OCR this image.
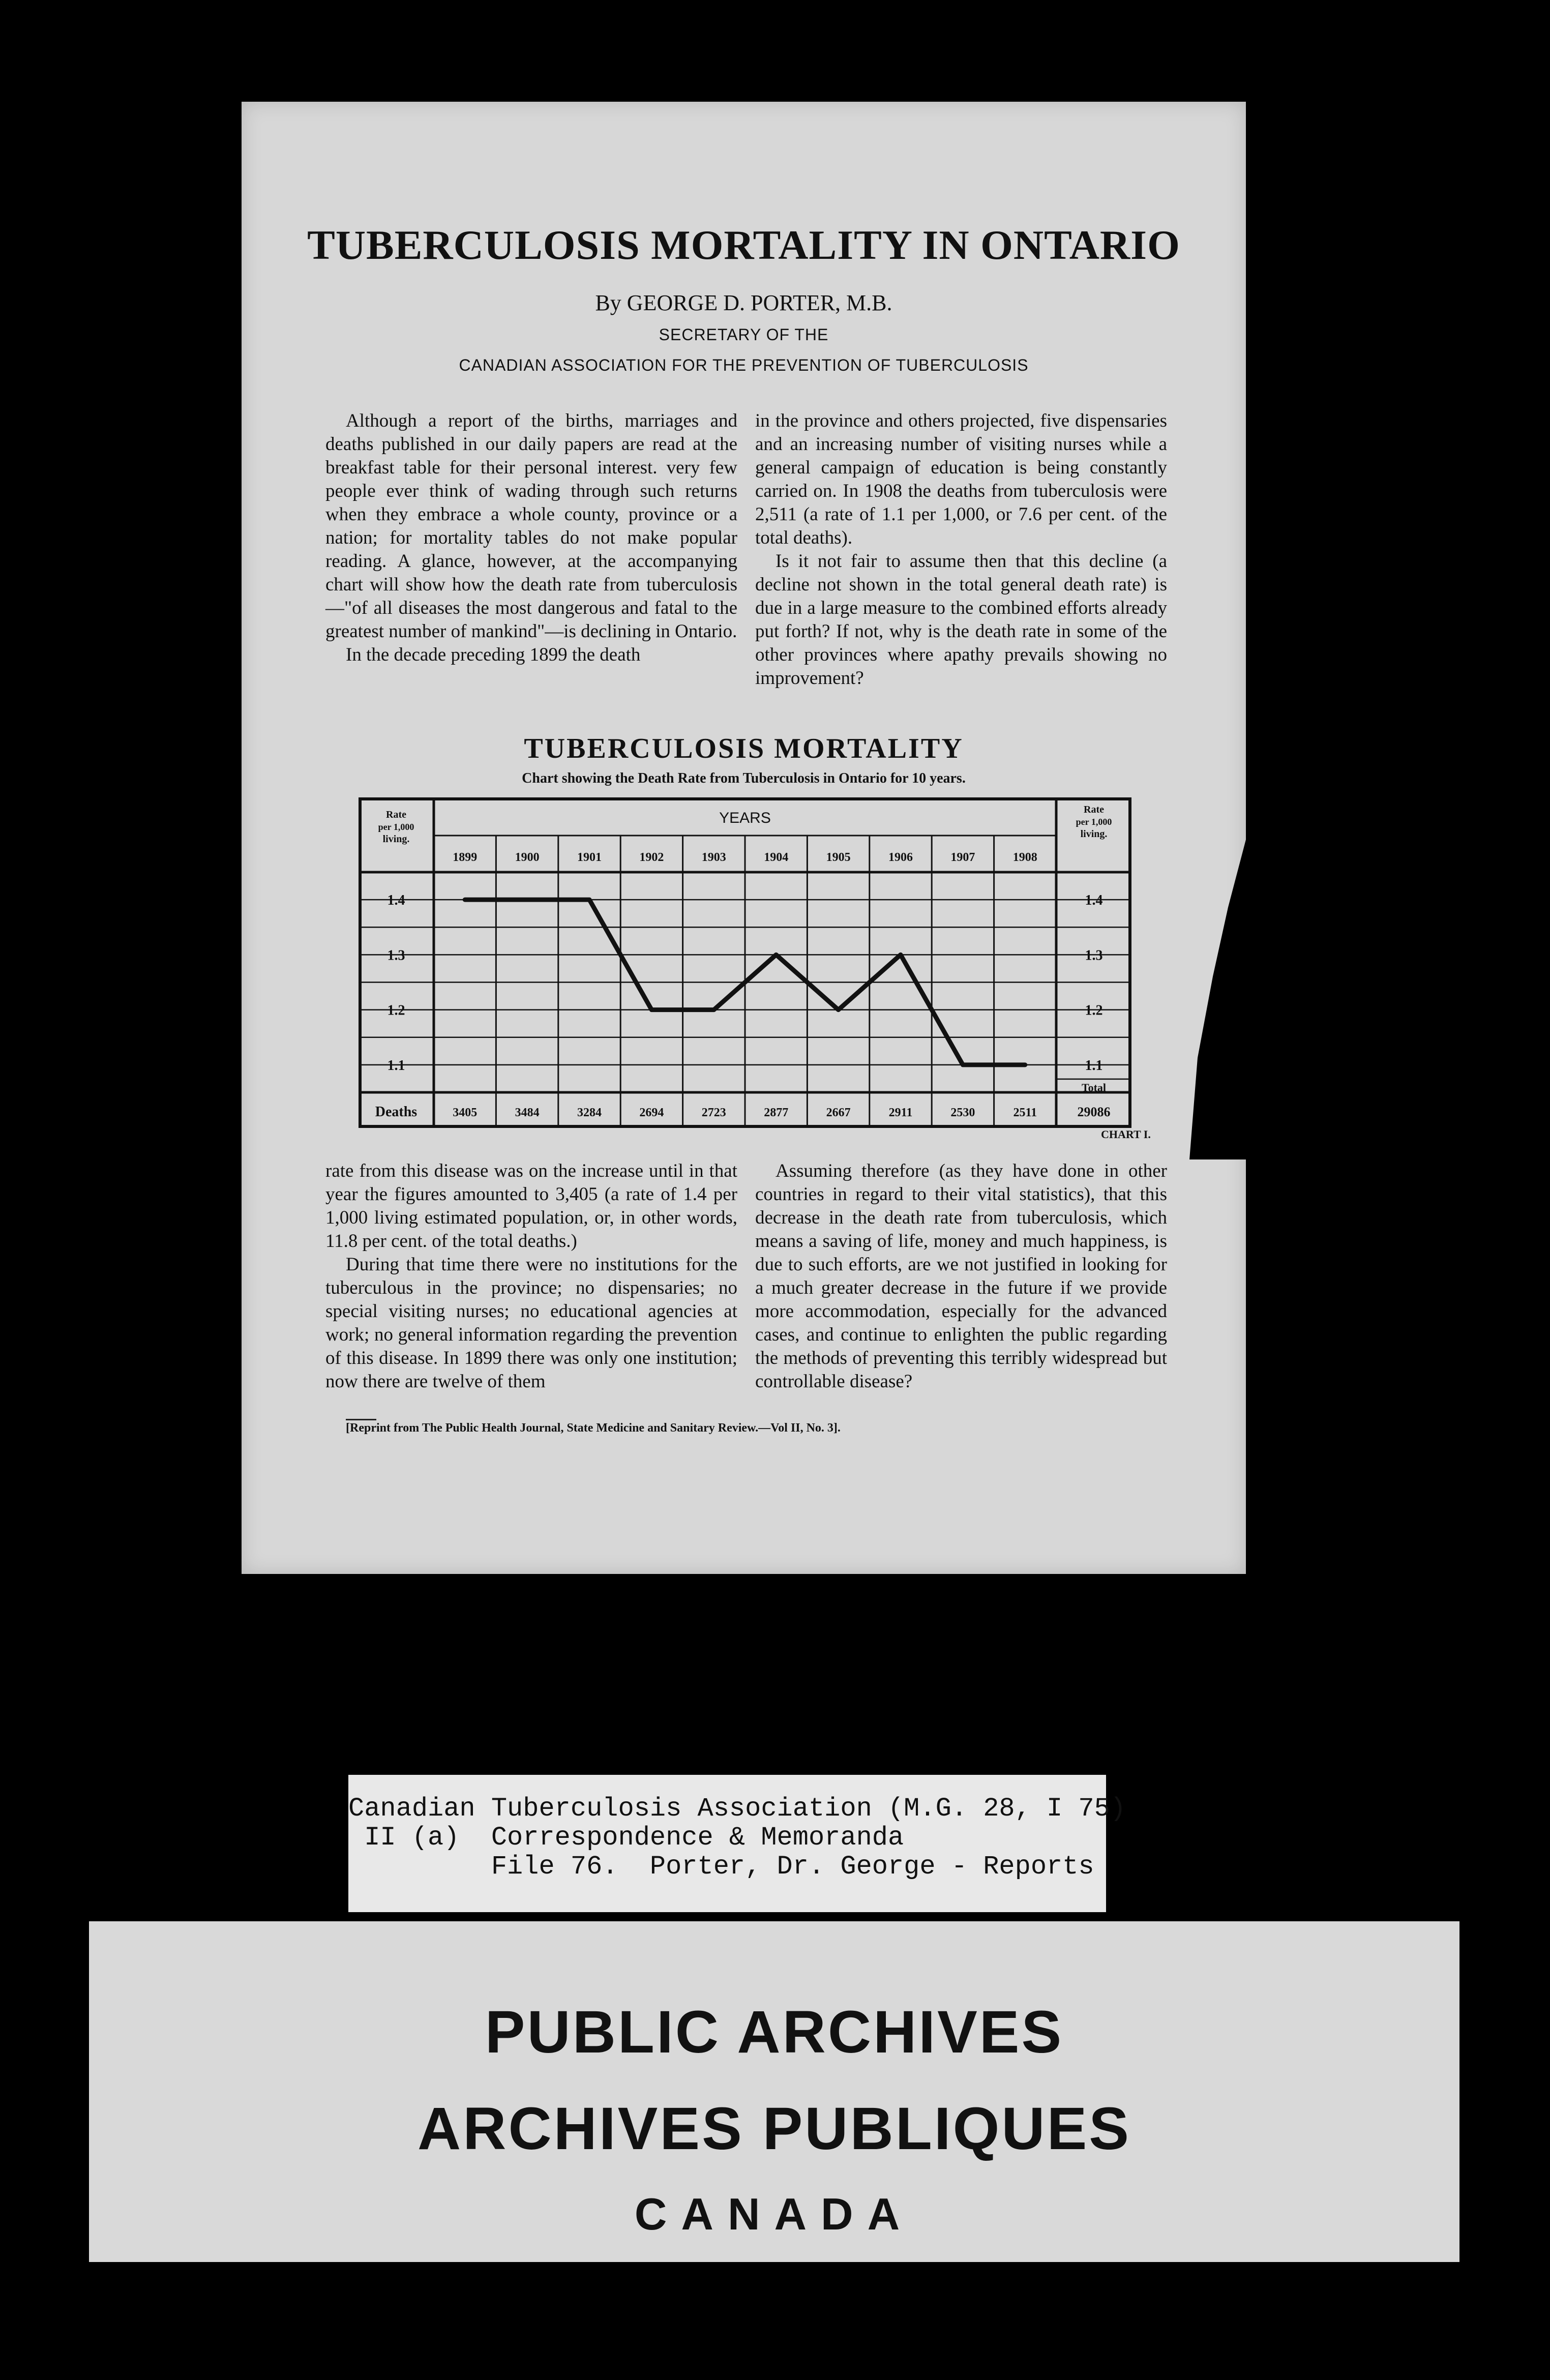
TUBERCULOSIS MORTALITY IN ONTARIO
By GEORGE D. PORTER, M.B.
SECRETARY OF THE
CANADIAN ASSOCIATION FOR THE PREVENTION OF TUBERCULOSIS

Although a report of the births, marriages and deaths published in our daily papers are read at the breakfast table for their personal interest. very few people ever think of wading through such returns when they embrace a whole county, province or a nation; for mortality tables do not make popular reading. A glance, however, at the accompanying chart will show how the death rate from tuberculosis—"of all diseases the most dangerous and fatal to the greatest number of mankind"—is declining in Ontario.

In the decade preceding 1899 the death

in the province and others projected, five dispensaries and an increasing number of visiting nurses while a general campaign of education is being constantly carried on. In 1908 the deaths from tuberculosis were 2,511 (a rate of 1.1 per 1,000, or 7.6 per cent. of the total deaths).

Is it not fair to assume then that this decline (a decline not shown in the total general death rate) is due in a large measure to the combined efforts already put forth? If not, why is the death rate in some of the other provinces where apathy prevails showing no improvement?

TUBERCULOSIS MORTALITY
Chart showing the Death Rate from Tuberculosis in Ontario for 10 years.
Rate
per 1,000
living.
Rate
per 1,000
living.
YEARS
1899	1900	1901	1902	1903	1904	1905	1906	1907	1908
1.4	1.4
1.3	1.3
1.2	1.2
1.1	1.1
Total
29086
Deaths	3405	3484	3284	2694	2723	2877	2667	2911	2530	2511
CHART I.

rate from this disease was on the increase until in that year the figures amounted to 3,405 (a rate of 1.4 per 1,000 living estimated population, or, in other words, 11.8 per cent. of the total deaths.)

During that time there were no institutions for the tuberculous in the province; no dispensaries; no special visiting nurses; no educational agencies at work; no general information regarding the prevention of this disease. In 1899 there was only one institution; now there are twelve of them

Assuming therefore (as they have done in other countries in regard to their vital statistics), that this decrease in the death rate from tuberculosis, which means a saving of life, money and much happiness, is due to such efforts, are we not justified in looking for a much greater decrease in the future if we provide more accommodation, especially for the advanced cases, and continue to enlighten the public regarding the methods of preventing this terribly widespread but controllable disease?

[Reprint from The Public Health Journal, State Medicine and Sanitary Review.—Vol II, No. 3].
Canadian Tuberculosis Association (M.G. 28, I 75)
II (a)  Correspondence & Memoranda
File 76.  Porter, Dr. George - Reports
PUBLIC ARCHIVES
ARCHIVES PUBLIQUES
CANADA
